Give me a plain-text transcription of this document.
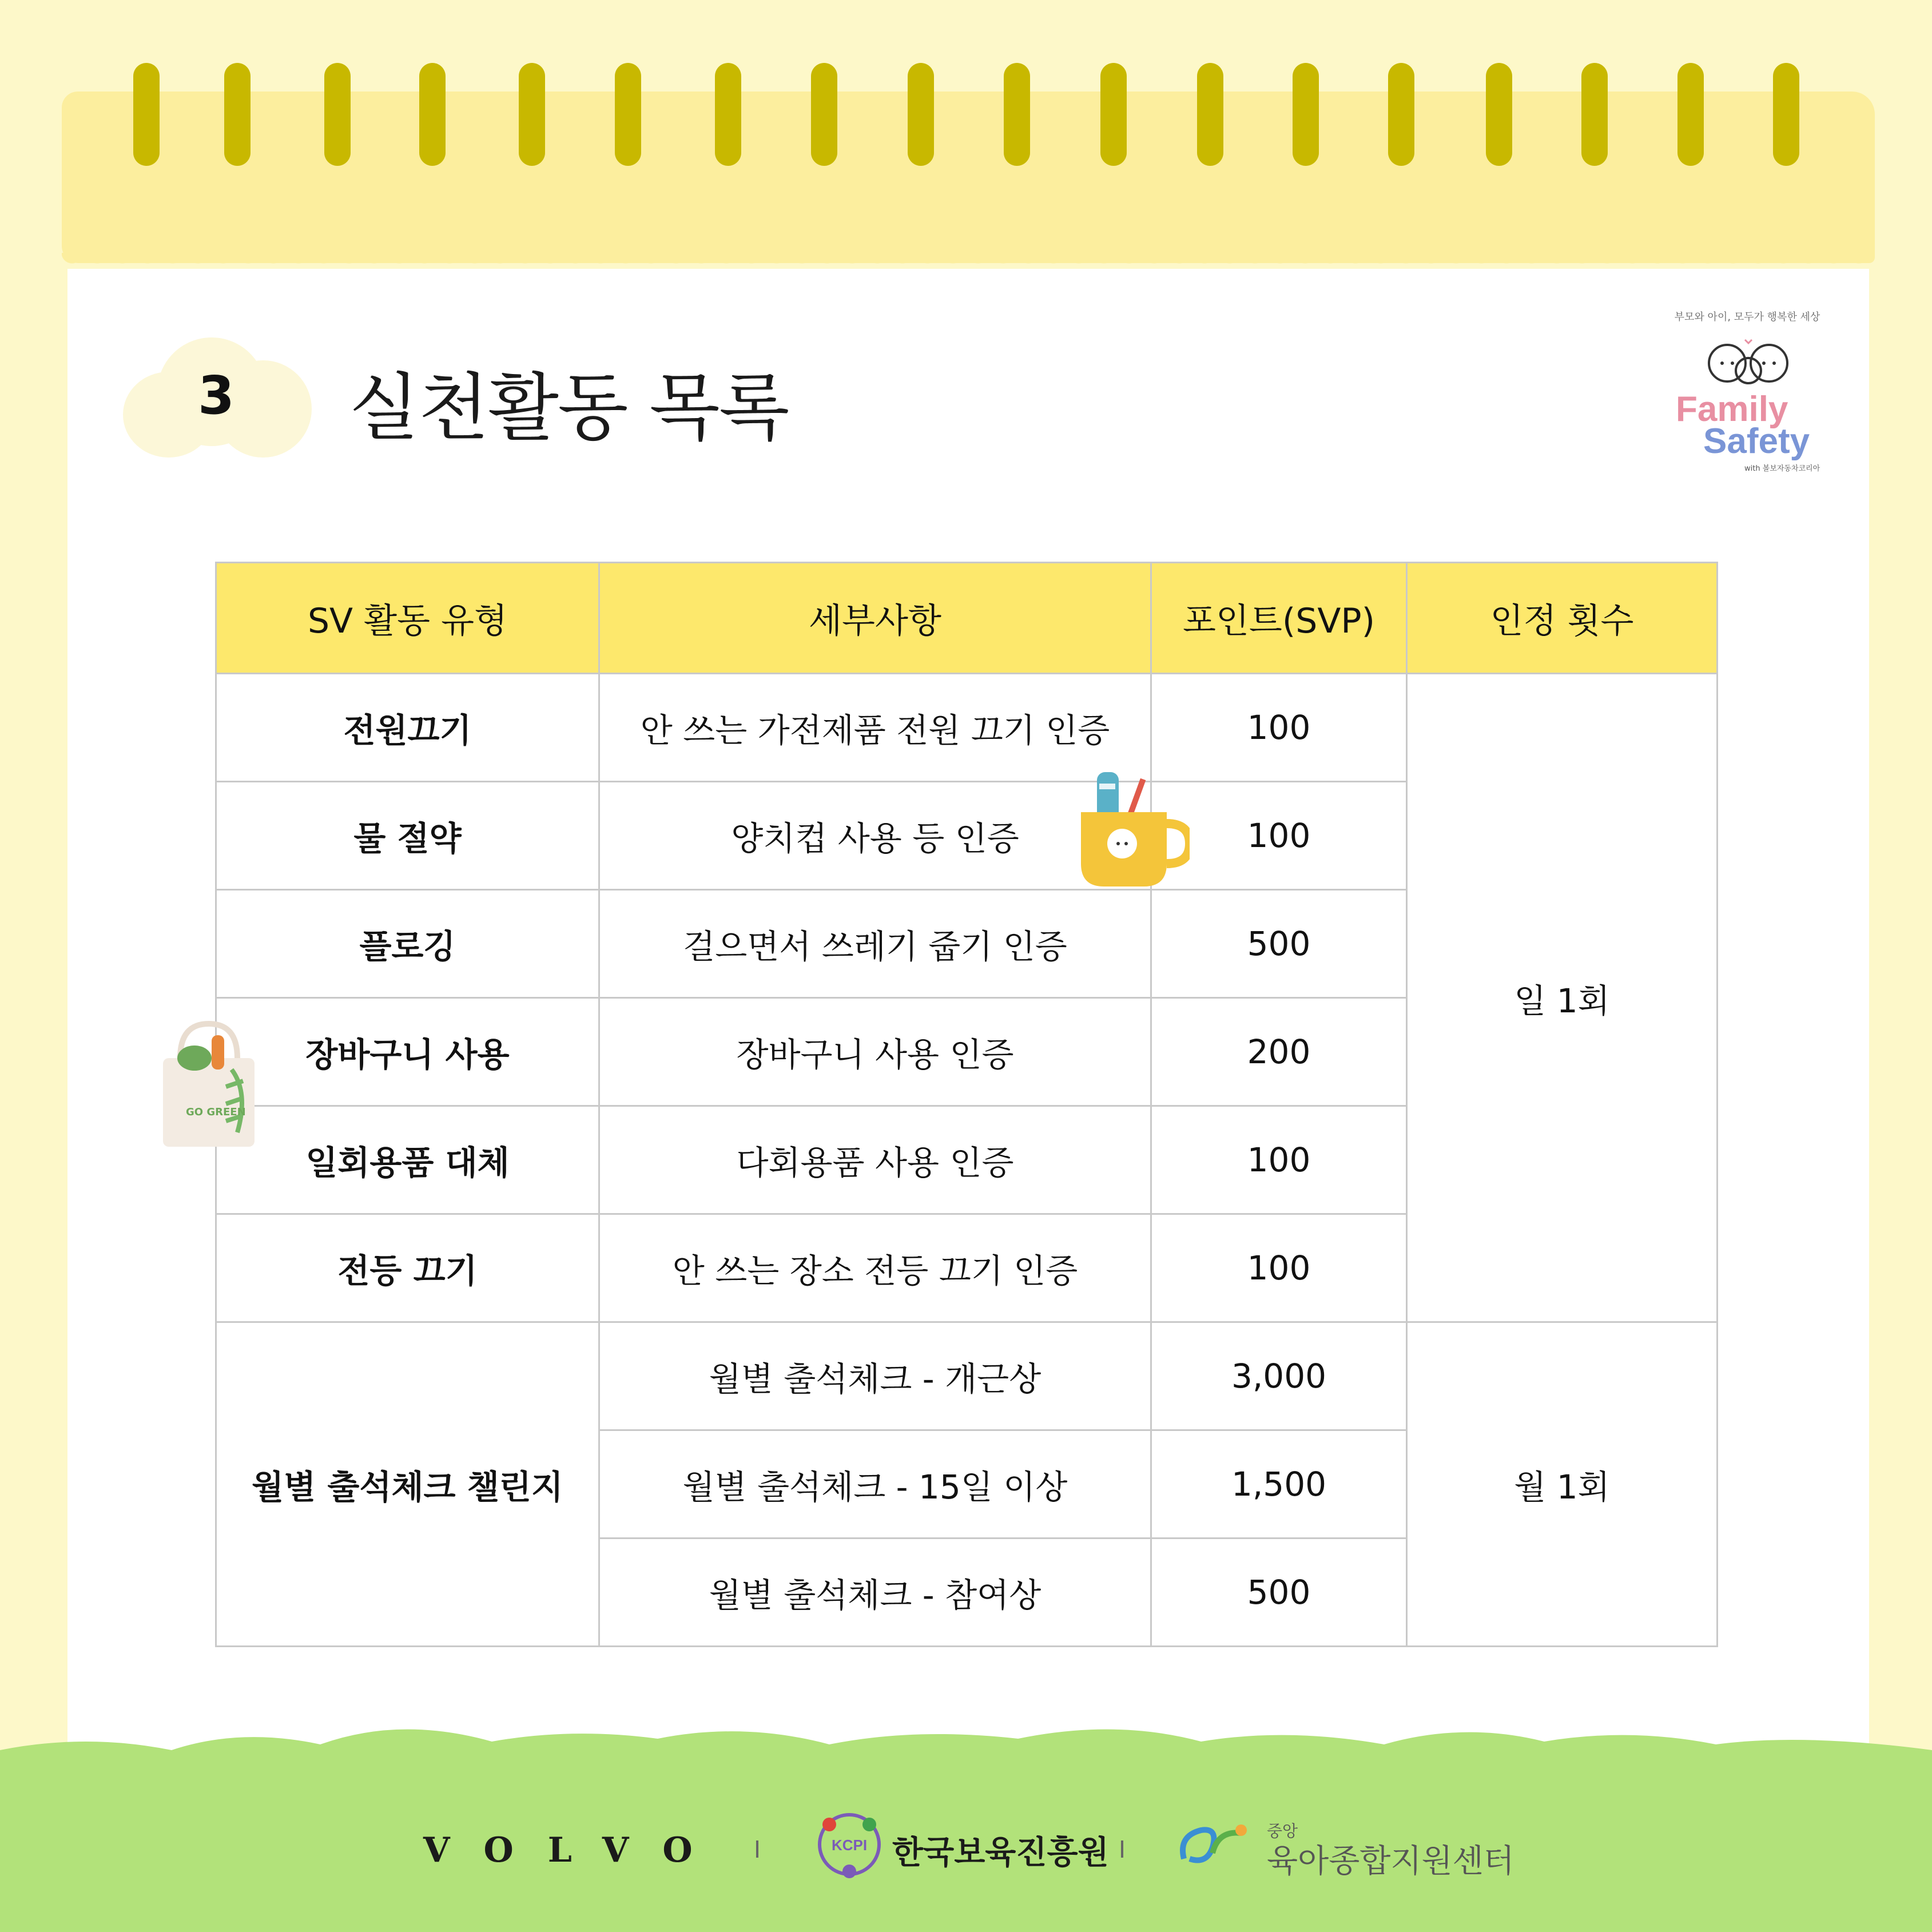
3 실천활동 목록
부모와 아이, 모두가 행복한 세상
Family
Safety
with 볼보자동차코리아
SV 활동 유형	세부사항	포인트(SVP)	인정 횟수
전원끄기	안 쓰는 가전제품 전원 끄기 인증	100	일 1회
물 절약	양치컵 사용 등 인증	100	
플로깅	걸으면서 쓰레기 줍기 인증	500	
장바구니 사용	장바구니 사용 인증	200	
일회용품 대체	다회용품 사용 인증	100	
전등 끄기	안 쓰는 장소 전등 끄기 인증	100	
월별 출석체크 챌린지	월별 출석체크 - 개근상	3,000	월 1회
	월별 출석체크 - 15일 이상	1,500	
	월별 출석체크 - 참여상	500	
GO GREEN
VOLVO	KCPI 한국보육진흥원
중앙
육아종합지원센터
